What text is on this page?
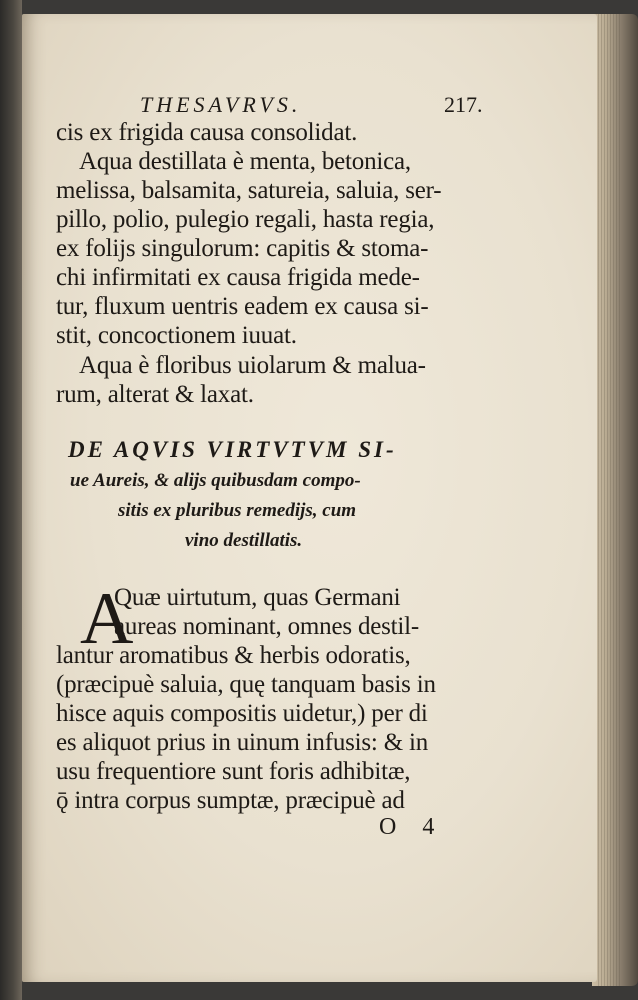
THESAVRVS.	217.
cis ex frigida causa consolidat.
Aqua destillata è menta, betonica,
melissa, balsamita, satureia, saluia, ser-
pillo, polio, pulegio regali, hasta regia,
ex folijs singulorum: capitis & stoma-
chi infirmitati ex causa frigida mede-
tur, fluxum uentris eadem ex causa si-
stit, concoctionem iuuat.
Aqua è floribus uiolarum & malua-
rum, alterat & laxat.
DE AQVIS VIRTVTVM SI-
ue Aureis, & alijs quibusdam compo-
sitis ex pluribus remedijs, cum
vino destillatis.
A
Quæ uirtutum, quas Germani
aureas nominant, omnes destil-
lantur aromatibus & herbis odoratis,
(præcipuè saluia, quę tanquam basis in
hisce aquis compositis uidetur,) per di
es aliquot prius in uinum infusis: & in
usu frequentiore sunt foris adhibitæ,
ǭ intra corpus sumptæ, præcipuè ad
O 4
